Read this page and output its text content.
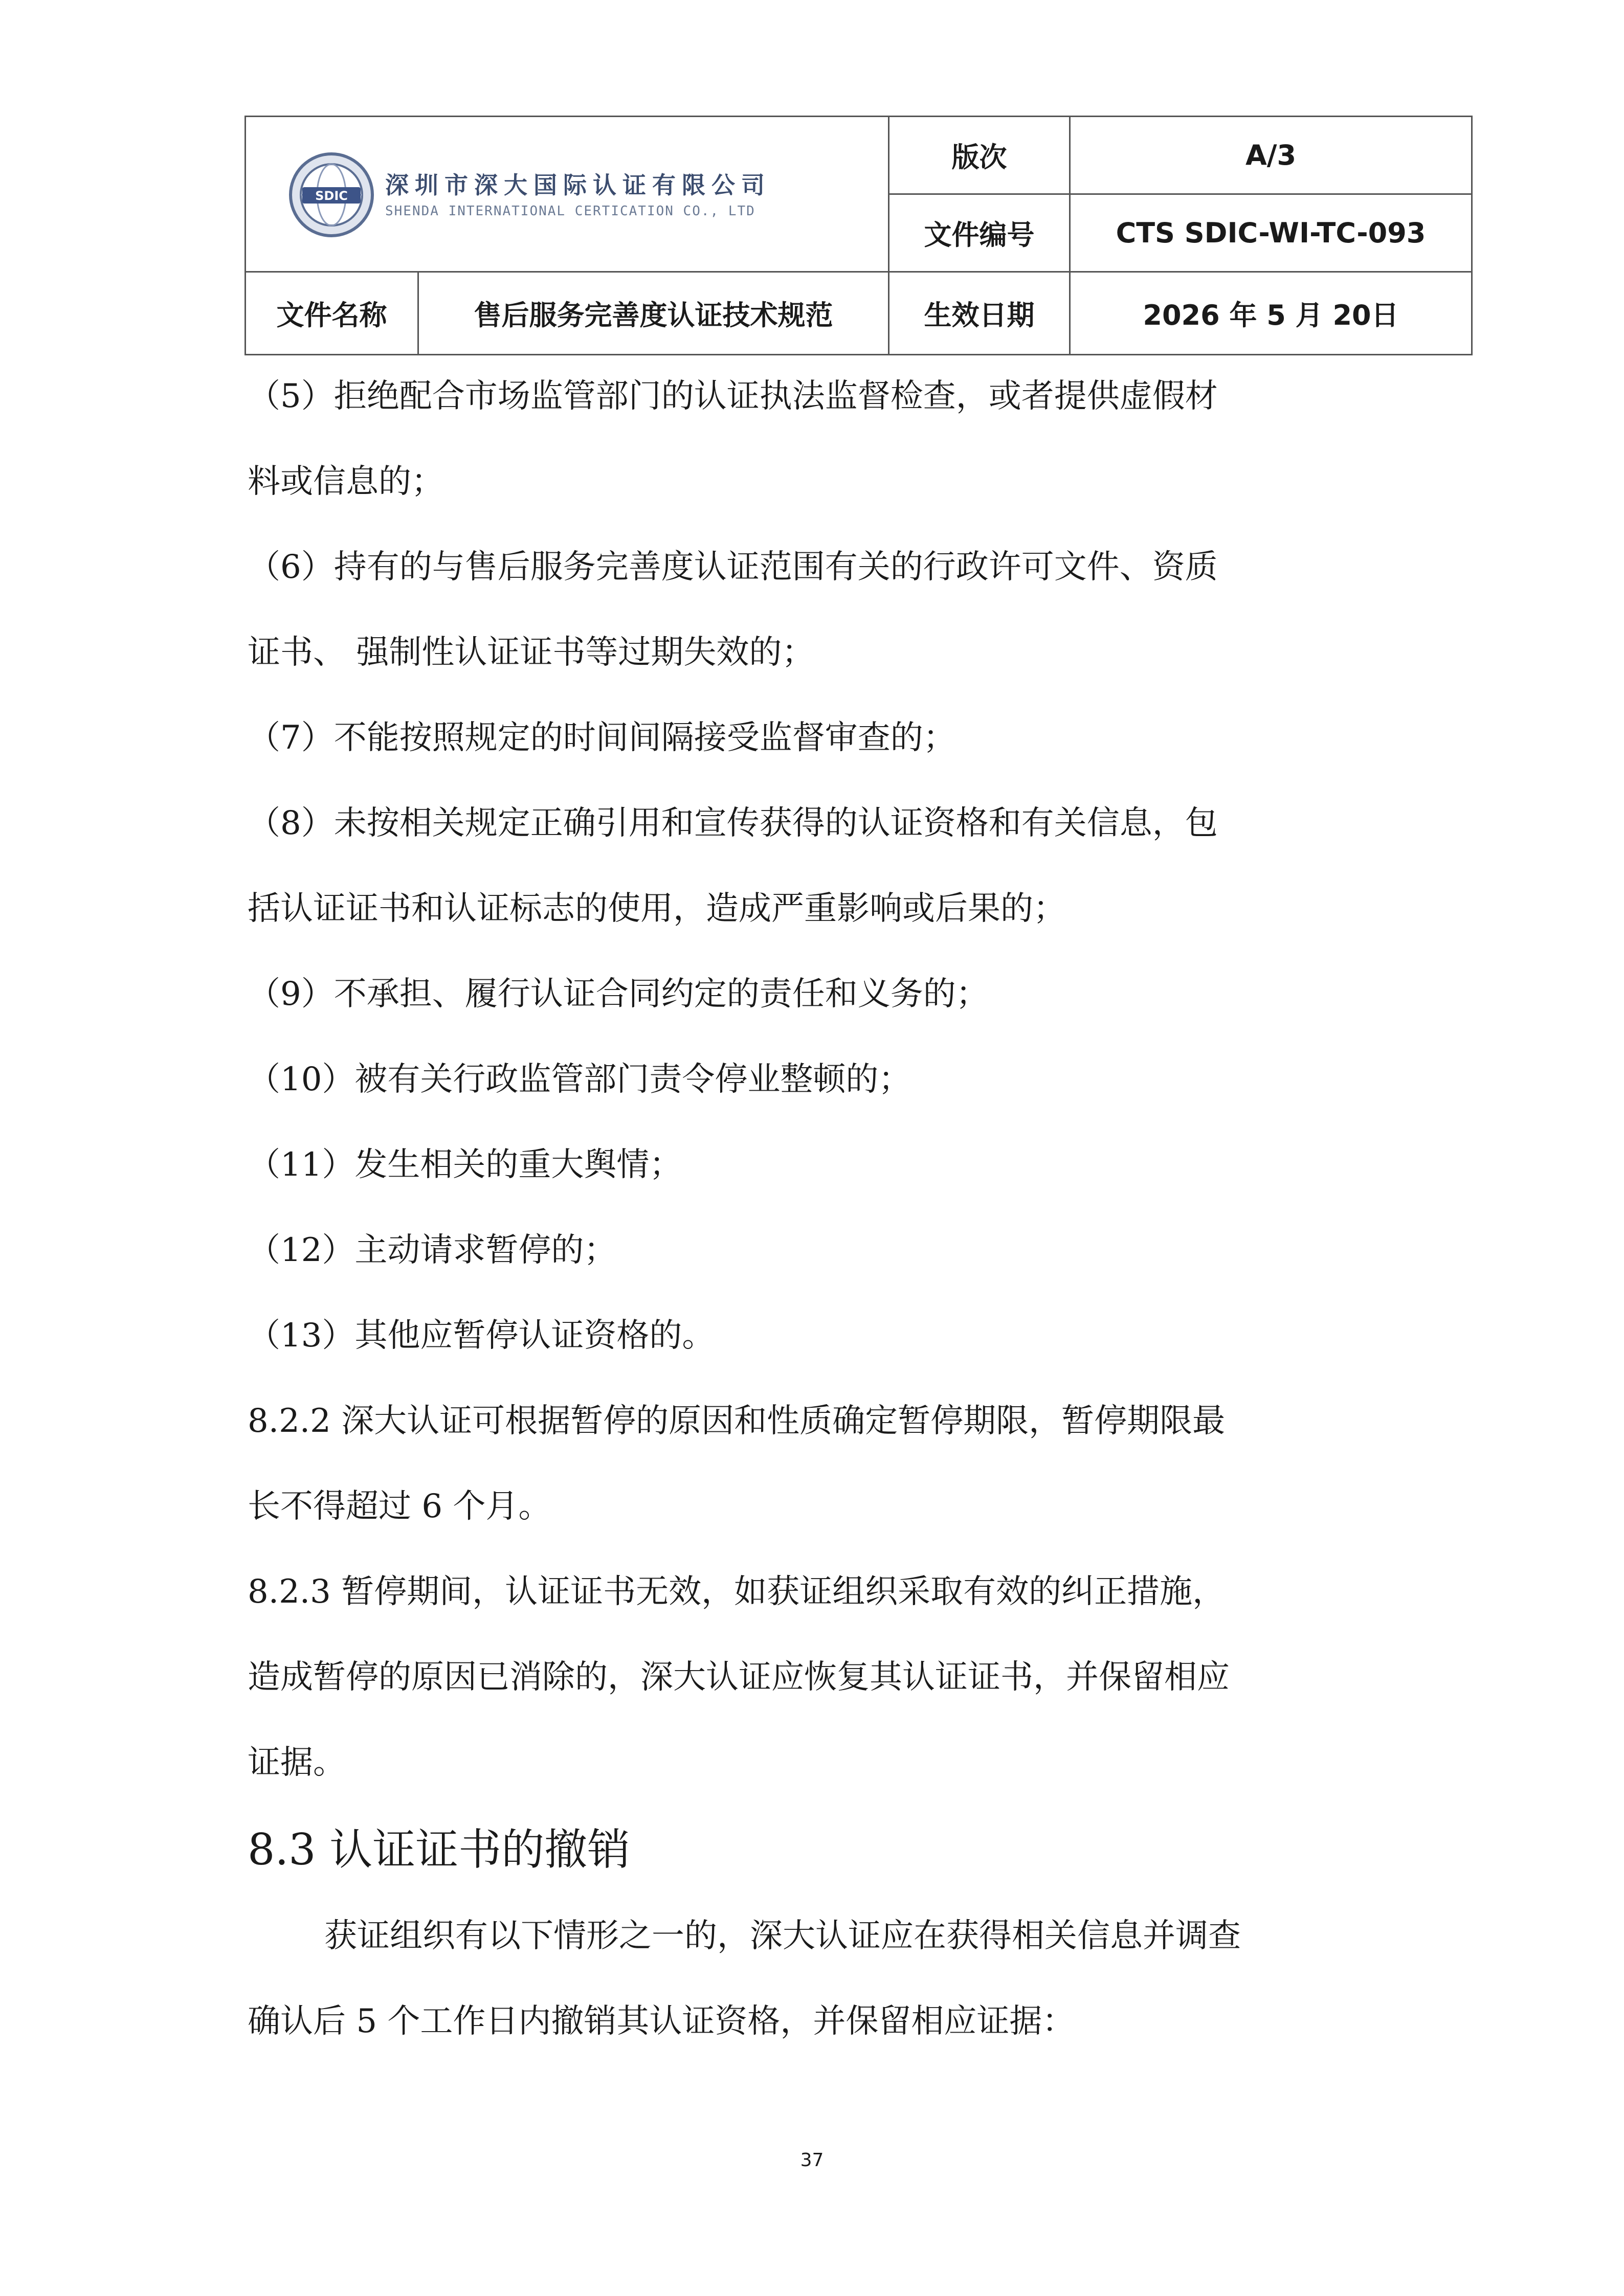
SDIC 深圳市深大国际认证有限公司
SHENDA INTERNATIONAL CERTICATION CO., LTD		版次	A/3
		文件编号	CTS SDIC-WI-TC-093
文件名称	售后服务完善度认证技术规范	生效日期	2026 年 5 月 20日

（5）拒绝配合市场监管部门的认证执法监督检查，或者提供虚假材

料或信息的；

（6）持有的与售后服务完善度认证范围有关的行政许可文件、资质

证书、 强制性认证证书等过期失效的；

（7）不能按照规定的时间间隔接受监督审查的；

（8）未按相关规定正确引用和宣传获得的认证资格和有关信息，包

括认证证书和认证标志的使用，造成严重影响或后果的；

（9）不承担、履行认证合同约定的责任和义务的；

（10）被有关行政监管部门责令停业整顿的；

（11）发生相关的重大舆情；

（12）主动请求暂停的；

（13）其他应暂停认证资格的。

8.2.2 深大认证可根据暂停的原因和性质确定暂停期限，暂停期限最

长不得超过 6 个月。

8.2.3 暂停期间，认证证书无效，如获证组织采取有效的纠正措施，

造成暂停的原因已消除的，深大认证应恢复其认证证书，并保留相应

证据。

8.3 认证证书的撤销

获证组织有以下情形之一的，深大认证应在获得相关信息并调查

确认后 5 个工作日内撤销其认证资格，并保留相应证据：

37
